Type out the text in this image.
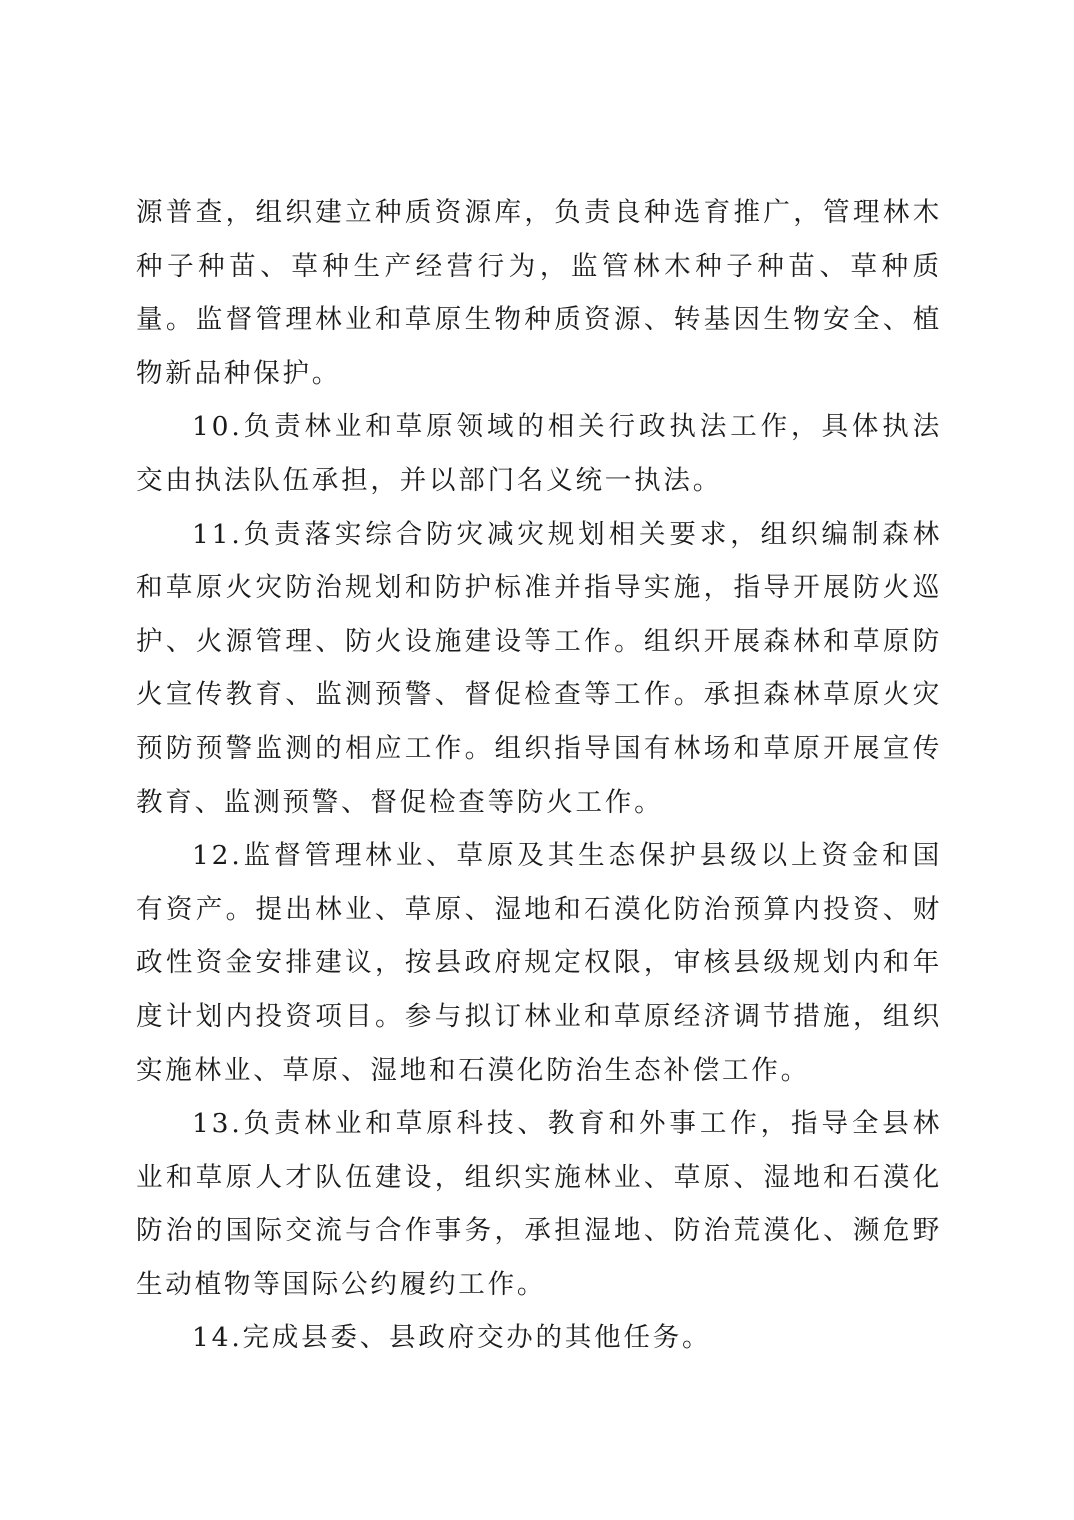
源普查，组织建立种质资源库，负责良种选育推广，管理林木种子种苗、草种生产经营行为，监管林木种子种苗、草种质量。监督管理林业和草原生物种质资源、转基因生物安全、植物新品种保护。

10.负责林业和草原领域的相关行政执法工作，具体执法交由执法队伍承担，并以部门名义统一执法。

11.负责落实综合防灾减灾规划相关要求，组织编制森林和草原火灾防治规划和防护标准并指导实施，指导开展防火巡护、火源管理、防火设施建设等工作。组织开展森林和草原防火宣传教育、监测预警、督促检查等工作。承担森林草原火灾预防预警监测的相应工作。组织指导国有林场和草原开展宣传教育、监测预警、督促检查等防火工作。

12.监督管理林业、草原及其生态保护县级以上资金和国有资产。提出林业、草原、湿地和石漠化防治预算内投资、财政性资金安排建议，按县政府规定权限，审核县级规划内和年度计划内投资项目。参与拟订林业和草原经济调节措施，组织实施林业、草原、湿地和石漠化防治生态补偿工作。

13.负责林业和草原科技、教育和外事工作，指导全县林业和草原人才队伍建设，组织实施林业、草原、湿地和石漠化防治的国际交流与合作事务，承担湿地、防治荒漠化、濒危野生动植物等国际公约履约工作。

14.完成县委、县政府交办的其他任务。
